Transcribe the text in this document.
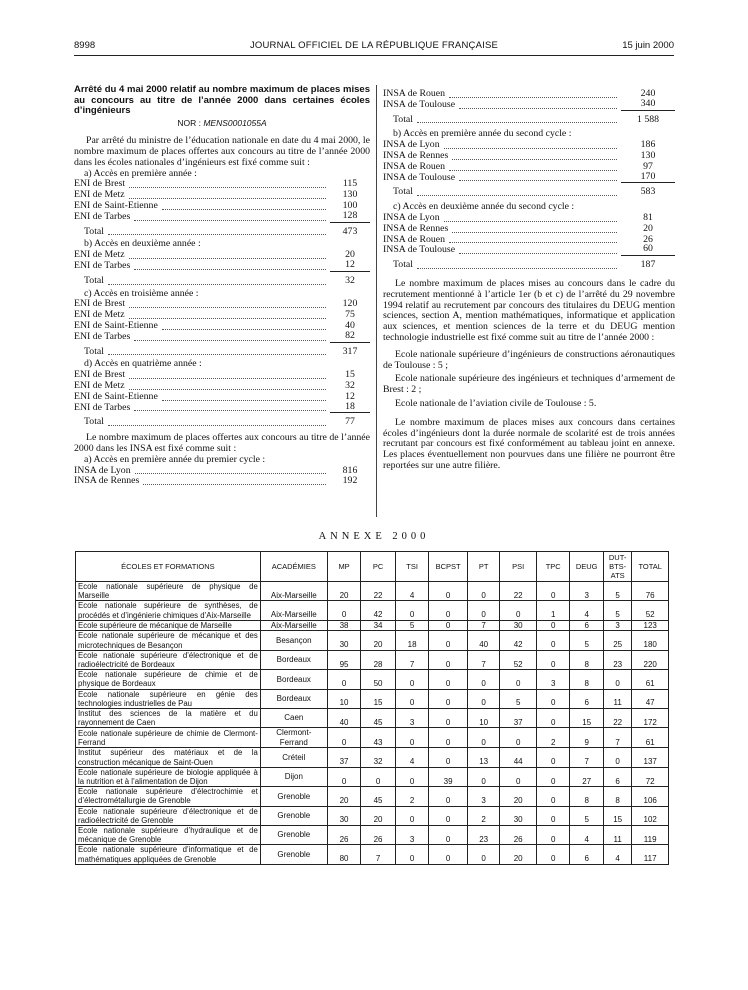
8998	JOURNAL OFFICIEL DE LA RÉPUBLIQUE FRANÇAISE	15 juin 2000
Arrêté du 4 mai 2000 relatif au nombre maximum de places mises au concours au titre de l’année 2000 dans certaines écoles d’ingénieurs
NOR : MENS0001055A

Par arrêté du ministre de l’éducation nationale en date du 4 mai 2000, le nombre maximum de places offertes aux concours au titre de l’année 2000 dans les écoles nationales d’ingénieurs est fixé comme suit :

a) Accès en première année :
ENI de Brest	115
ENI de Metz	130
ENI de Saint-Etienne	100
ENI de Tarbes	128
Total	473
b) Accès en deuxième année :
ENI de Metz	20
ENI de Tarbes	12
Total	32
c) Accès en troisième année :
ENI de Brest	120
ENI de Metz	75
ENI de Saint-Etienne	40
ENI de Tarbes	82
Total	317
d) Accès en quatrième année :
ENI de Brest	15
ENI de Metz	32
ENI de Saint-Etienne	12
ENI de Tarbes	18
Total	77

Le nombre maximum de places offertes aux concours au titre de l’année 2000 dans les INSA est fixé comme suit :

a) Accès en première année du premier cycle :
INSA de Lyon	816
INSA de Rennes	192
INSA de Rouen	240
INSA de Toulouse	340
Total	1 588
b) Accès en première année du second cycle :
INSA de Lyon	186
INSA de Rennes	130
INSA de Rouen	97
INSA de Toulouse	170
Total	583
c) Accès en deuxième année du second cycle :
INSA de Lyon	81
INSA de Rennes	20
INSA de Rouen	26
INSA de Toulouse	60
Total	187

Le nombre maximum de places mises au concours dans le cadre du recrutement mentionné à l’article 1er (b et c) de l’arrêté du 29 novembre 1994 relatif au recrutement par concours des titulaires du DEUG mention sciences, section A, mention mathématiques, informatique et application aux sciences, et mention sciences de la terre et du DEUG mention technologie industrielle est fixé comme suit au titre de l’année 2000 :

Ecole nationale supérieure d’ingénieurs de constructions aéronautiques de Toulouse : 5 ;

Ecole nationale supérieure des ingénieurs et techniques d’armement de Brest : 2 ;

Ecole nationale de l’aviation civile de Toulouse : 5.

Le nombre maximum de places mises aux concours dans certaines écoles d’ingénieurs dont la durée normale de scolarité est de trois années recrutant par concours est fixé conformément au tableau joint en annexe. Les places éventuellement non pourvues dans une filière ne pourront être reportées sur une autre filière.

ANNEXE 2000
ÉCOLES ET FORMATIONS	ACADÉMIES	MP	PC	TSI	BCPST	PT	PSI	TPC	DEUG	DUT-BTS-ATS	TOTAL
Ecole nationale supérieure de physique de Marseille	Aix-Marseille	20	22	4	0	0	22	0	3	5	76
Ecole nationale supérieure de synthèses, de procédés et d’ingénierie chimiques d’Aix-Marseille	Aix-Marseille	0	42	0	0	0	0	1	4	5	52
Ecole supérieure de mécanique de Marseille	Aix-Marseille	38	34	5	0	7	30	0	6	3	123
Ecole nationale supérieure de mécanique et des microtechniques de Besançon	Besançon	30	20	18	0	40	42	0	5	25	180
Ecole nationale supérieure d’électronique et de radioélectricité de Bordeaux	Bordeaux	95	28	7	0	7	52	0	8	23	220
Ecole nationale supérieure de chimie et de physique de Bordeaux	Bordeaux	0	50	0	0	0	0	3	8	0	61
Ecole nationale supérieure en génie des technologies industrielles de Pau	Bordeaux	10	15	0	0	0	5	0	6	11	47
Institut des sciences de la matière et du rayonnement de Caen	Caen	40	45	3	0	10	37	0	15	22	172
Ecole nationale supérieure de chimie de Clermont-Ferrand	Clermont-Ferrand	0	43	0	0	0	0	2	9	7	61
Institut supérieur des matériaux et de la construction mécanique de Saint-Ouen	Créteil	37	32	4	0	13	44	0	7	0	137
Ecole nationale supérieure de biologie appliquée à la nutrition et à l’alimentation de Dijon	Dijon	0	0	0	39	0	0	0	27	6	72
Ecole nationale supérieure d’électrochimie et d’électrométallurgie de Grenoble	Grenoble	20	45	2	0	3	20	0	8	8	106
Ecole nationale supérieure d’électronique et de radioélectricité de Grenoble	Grenoble	30	20	0	0	2	30	0	5	15	102
Ecole nationale supérieure d’hydraulique et de mécanique de Grenoble	Grenoble	26	26	3	0	23	26	0	4	11	119
Ecole nationale supérieure d’informatique et de mathématiques appliquées de Grenoble	Grenoble	80	7	0	0	0	20	0	6	4	117
